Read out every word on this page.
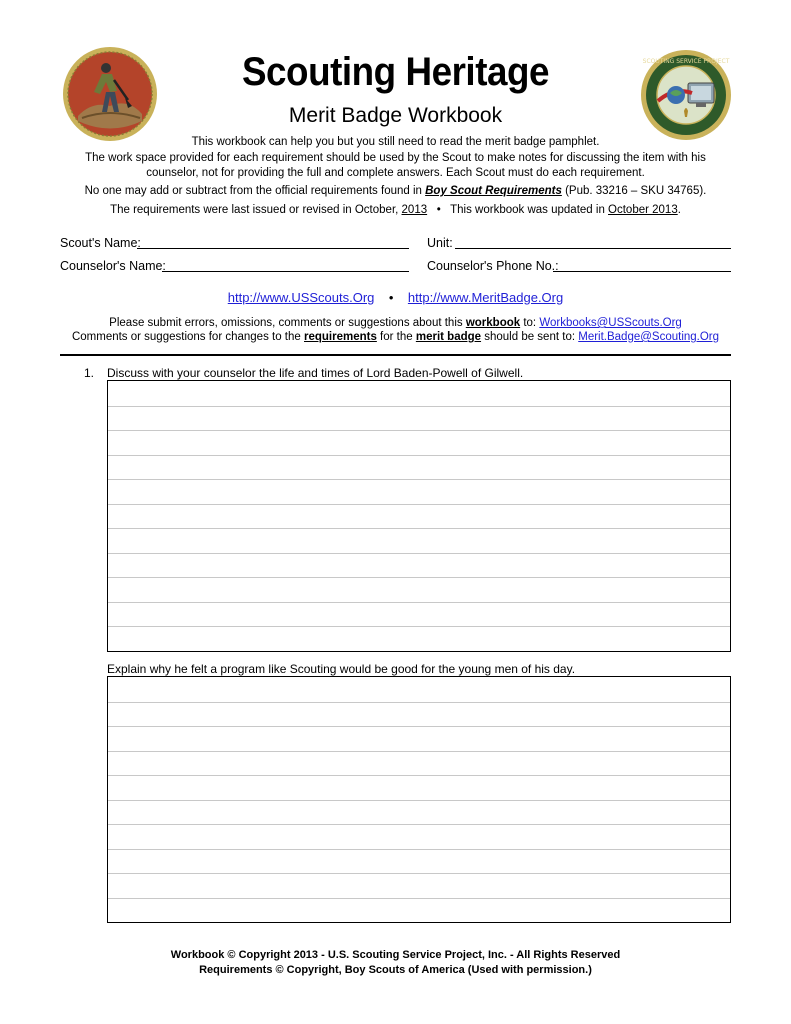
SCOUTING SERVICE PROJECT
Scouting Heritage
Merit Badge Workbook
This workbook can help you but you still need to read the merit badge pamphlet.
The work space provided for each requirement should be used by the Scout to make notes for discussing the item with his counselor, not for providing the full and complete answers. Each Scout must do each requirement.
No one may add or subtract from the official requirements found in Boy Scout Requirements (Pub. 33216 – SKU 34765).
The requirements were last issued or revised in October, 2013 • This workbook was updated in October 2013.
Scout's Name:	Unit:
Counselor's Name:	Counselor's Phone No.:
http://www.USScouts.Org • http://www.MeritBadge.Org
Please submit errors, omissions, comments or suggestions about this workbook to: Workbooks@USScouts.Org
Comments or suggestions for changes to the requirements for the merit badge should be sent to: Merit.Badge@Scouting.Org
1. Discuss with your counselor the life and times of Lord Baden-Powell of Gilwell.
Explain why he felt a program like Scouting would be good for the young men of his day.
Workbook © Copyright 2013 - U.S. Scouting Service Project, Inc. - All Rights Reserved
Requirements © Copyright, Boy Scouts of America (Used with permission.)
